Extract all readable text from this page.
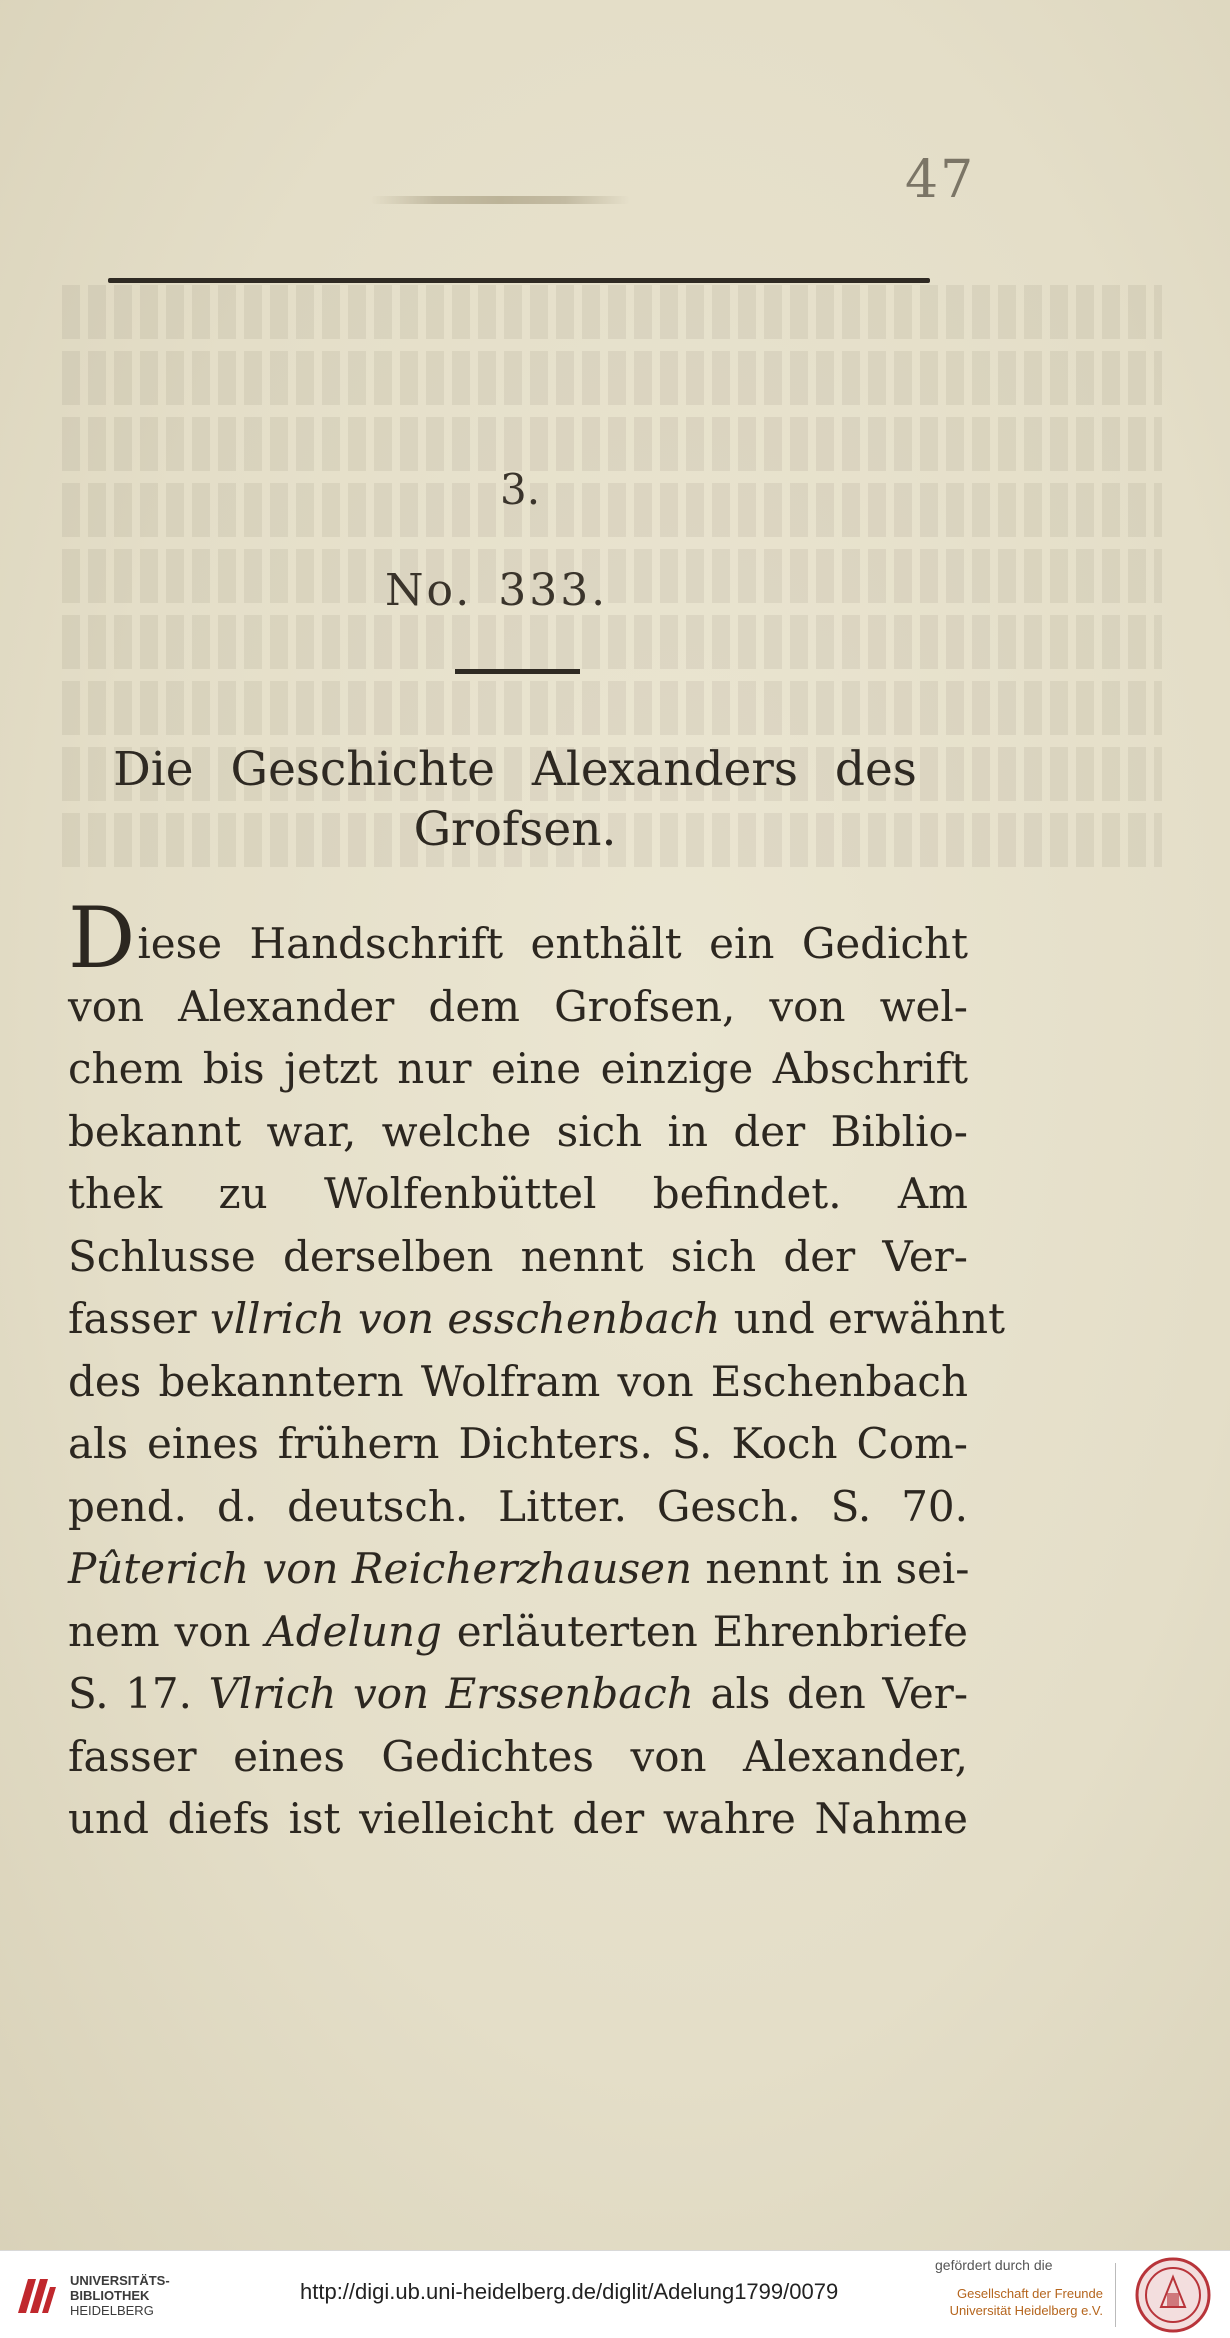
47
3.
No. 333.
Die Geschichte Alexanders des
Grofsen.
Diese Handschrift enthält ein Gedicht
von Alexander dem Grofsen, von wel-
chem bis jetzt nur eine einzige Abschrift
bekannt war, welche sich in der Biblio-
thek zu Wolfenbüttel befindet. Am
Schlusse derselben nennt sich der Ver-
fasser vllrich von esschenbach und erwähnt
des bekanntern Wolfram von Eschenbach
als eines frühern Dichters. S. Koch Com-
pend. d. deutsch. Litter. Gesch. S. 70.
Pûterich von Reicherzhausen nennt in sei-
nem von Adelung erläuterten Ehrenbriefe
S. 17. Vlrich von Erssenbach als den Ver-
fasser eines Gedichtes von Alexander,
und diefs ist vielleicht der wahre Nahme
UNIVERSITÄTS-
BIBLIOTHEK
HEIDELBERG
http://digi.ub.uni-heidelberg.de/diglit/Adelung1799/0079
gefördert durch die
Gesellschaft der Freunde
Universität Heidelberg e.V.
